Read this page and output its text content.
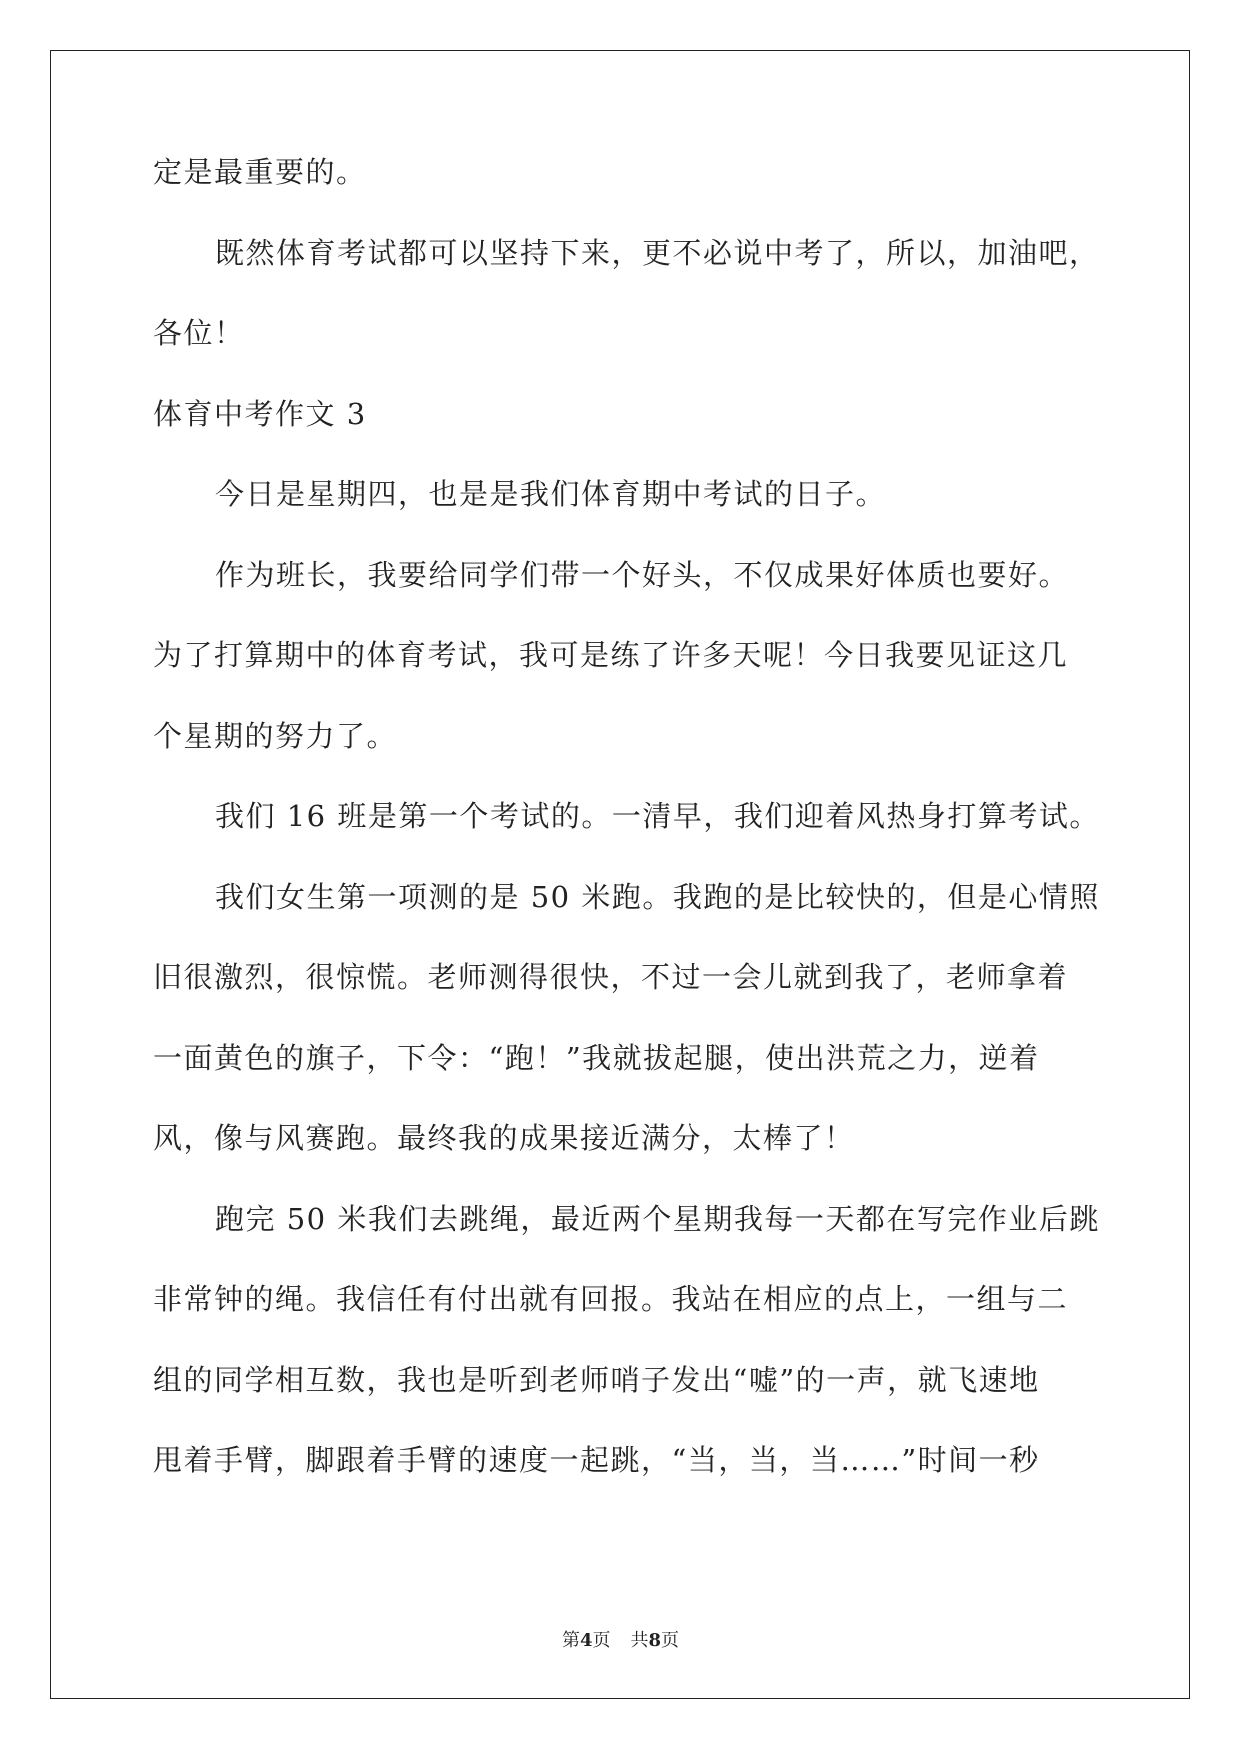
定是最重要的。
既然体育考试都可以坚持下来，更不必说中考了，所以，加油吧，
各位！
体育中考作文 3
今日是星期四，也是是我们体育期中考试的日子。
作为班长，我要给同学们带一个好头，不仅成果好体质也要好。
为了打算期中的体育考试，我可是练了许多天呢！今日我要见证这几
个星期的努力了。
我们 16 班是第一个考试的。一清早，我们迎着风热身打算考试。
我们女生第一项测的是 50 米跑。我跑的是比较快的，但是心情照
旧很激烈，很惊慌。老师测得很快，不过一会儿就到我了，老师拿着
一面黄色的旗子，下令：“跑！”我就拔起腿，使出洪荒之力，逆着
风，像与风赛跑。最终我的成果接近满分，太棒了！
跑完 50 米我们去跳绳，最近两个星期我每一天都在写完作业后跳
非常钟的绳。我信任有付出就有回报。我站在相应的点上，一组与二
组的同学相互数，我也是听到老师哨子发出“嘘”的一声，就飞速地
甩着手臂，脚跟着手臂的速度一起跳，“当，当，当……”时间一秒
第4页 共8页
